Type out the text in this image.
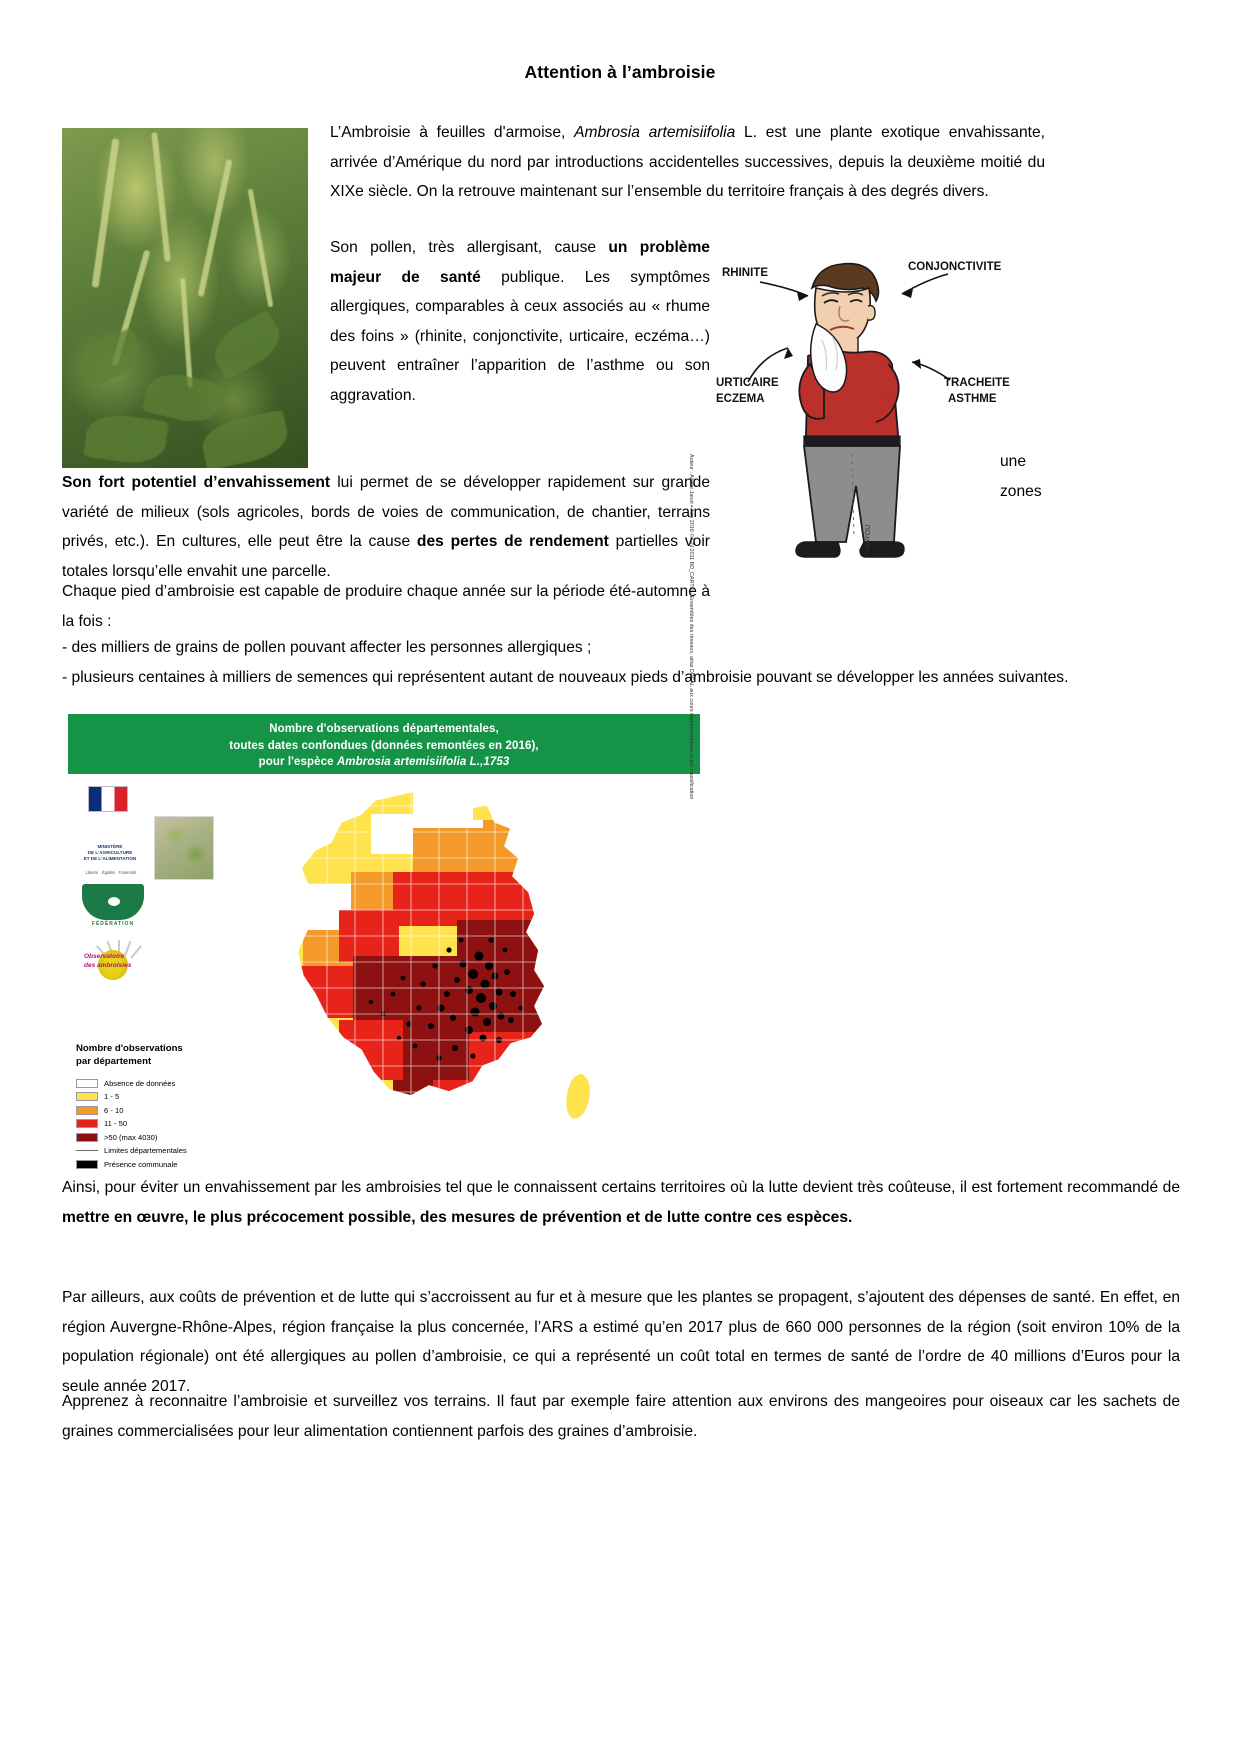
Attention à l’ambroisie
L’Ambroisie à feuilles d'armoise, Ambrosia artemisiifolia L. est une plante exotique envahissante, arrivée d’Amérique du nord par introductions accidentelles successives, depuis la deuxième moitié du XIXe siècle. On la retrouve maintenant sur l’ensemble du territoire français à des degrés divers.
Son pollen, très allergisant, cause un problème majeur de santé publique. Les symptômes allergiques, comparables à ceux associés au « rhume des foins » (rhinite, conjonctivite, urticaire, eczéma…) peuvent entraîner l’apparition de l’asthme ou son aggravation.
Son fort potentiel d’envahissement lui permet de se développer rapidement sur grande variété de milieux (sols agricoles, bords de voies de communication, de chantier, terrains privés, etc.). En cultures, elle peut être la cause des pertes de rendement partielles voir totales lorsqu’elle envahit une parcelle.
une
zones
RHINITE	CONJONCTIVITE
URTICAIRE
ECZEMA
TRACHEITE
ASTHME
MAYOU
Chaque pied d’ambroisie est capable de produire chaque année sur la période été-automne à la fois :
- des milliers de grains de pollen pouvant affecter les personnes allergiques ;
- plusieurs centaines à milliers de semences qui représentent autant de nouveaux pieds d’ambroisie pouvant se développer les années suivantes.
Nombre d'observations départementales,
toutes dates confondues (données remontées en 2016),
pour l'espèce Ambrosia artemisiifolia L.,1753
MINISTÈRE
DE L'AGRICULTURE
ET DE L'ALIMENTATION
Liberté · Égalité · Fraternité
FÉDÉRATION
Observatoire
des ambroisies
Nombre d'observations
par département
Absence de données
1 - 5
6 - 10
11 - 50
>50 (max 4030)
Limites départementales
Présence communale
Auteur : Aliette Janot - Juin 2016 ©IGN 2011 BD_CARTO - Ensembles des réseaux, atlas DREAL aux cours départementaux et par classification
Ainsi, pour éviter un envahissement par les ambroisies tel que le connaissent certains territoires où la lutte devient très coûteuse, il est fortement recommandé de mettre en œuvre, le plus précocement possible, des mesures de prévention et de lutte contre ces espèces.
Par ailleurs, aux coûts de prévention et de lutte qui s’accroissent au fur et à mesure que les plantes se propagent, s’ajoutent des dépenses de santé. En effet, en région Auvergne-Rhône-Alpes, région française la plus concernée, l’ARS a estimé qu’en 2017 plus de 660 000 personnes de la région (soit environ 10% de la population régionale) ont été allergiques au pollen d’ambroisie, ce qui a représenté un coût total en termes de santé de l’ordre de 40 millions d’Euros pour la seule année 2017.
Apprenez à reconnaitre l’ambroisie et surveillez vos terrains. Il faut par exemple faire attention aux environs des mangeoires pour oiseaux car les sachets de graines commercialisées pour leur alimentation contiennent parfois des graines d’ambroisie.
